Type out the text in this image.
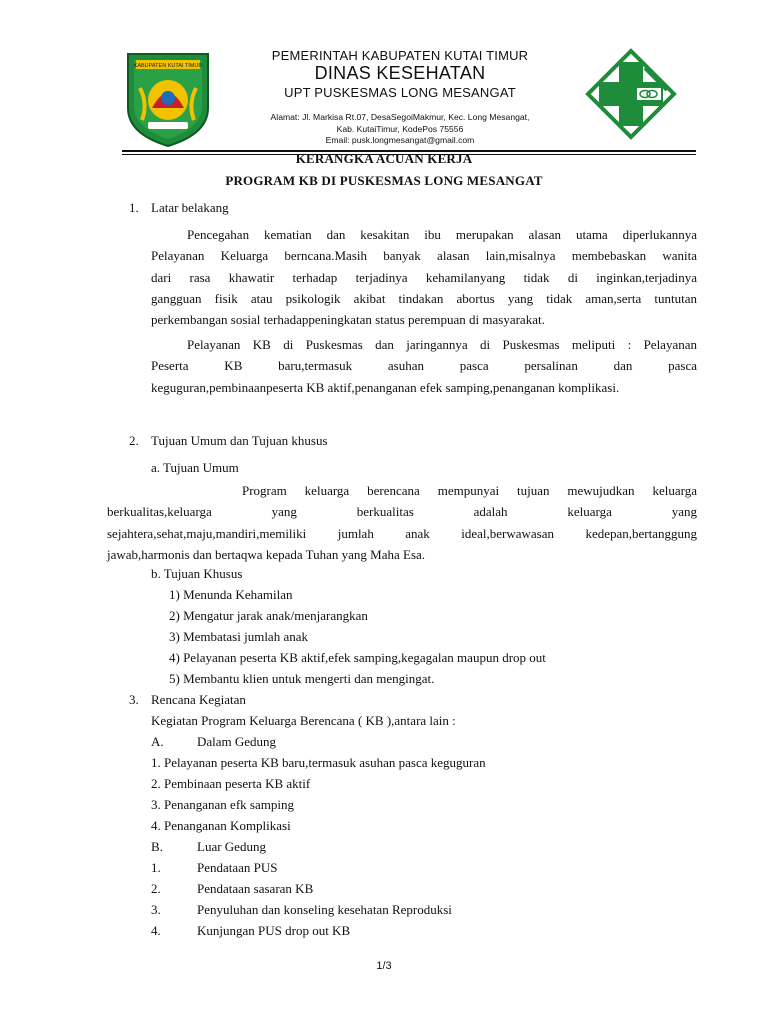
KABUPATEN KUTAI TIMUR
PEMERINTAH KABUPATEN KUTAI TIMUR
DINAS KESEHATAN
UPT PUSKESMAS LONG MESANGAT
Alamat: Jl. Markisa Rt.07, DesaSegoiMakmur, Kec. Long Mesangat,
Kab. KutaiTimur, KodePos 75556
Email: pusk.longmesangat@gmail.com
KERANGKA ACUAN KERJA
PROGRAM KB DI PUSKESMAS LONG MESANGAT
1. Latar belakang
Pencegahan kematian dan kesakitan ibu merupakan alasan utama diperlukannya
Pelayanan Keluarga berncana.Masih banyak alasan lain,misalnya membebaskan wanita
dari rasa khawatir terhadap terjadinya kehamilanyang tidak di inginkan,terjadinya
gangguan fisik atau psikologik akibat tindakan abortus yang tidak aman,serta tuntutan
perkembangan sosial terhadappeningkatan status perempuan di masyarakat.
Pelayanan KB di Puskesmas dan jaringannya di Puskesmas meliputi : Pelayanan
Peserta KB baru,termasuk asuhan pasca persalinan dan pasca
keguguran,pembinaanpeserta KB aktif,penanganan efek samping,penanganan komplikasi.
2. Tujuan Umum dan Tujuan khusus
a. Tujuan Umum
Program keluarga berencana mempunyai tujuan mewujudkan keluarga
berkualitas,keluarga yang berkualitas adalah keluarga yang
sejahtera,sehat,maju,mandiri,memiliki jumlah anak ideal,berwawasan kedepan,bertanggung
jawab,harmonis dan bertaqwa kepada Tuhan yang Maha Esa.
b. Tujuan Khusus
1) Menunda Kehamilan
2) Mengatur jarak anak/menjarangkan
3) Membatasi jumlah anak
4) Pelayanan peserta KB aktif,efek samping,kegagalan maupun drop out
5) Membantu klien untuk mengerti dan mengingat.
3. Rencana Kegiatan
Kegiatan Program Keluarga Berencana ( KB ),antara lain :
A.	Dalam Gedung
1. Pelayanan peserta KB baru,termasuk asuhan pasca keguguran
2. Pembinaan peserta KB aktif
3. Penanganan efk samping
4. Penanganan Komplikasi
B.	Luar Gedung
1.	Pendataan PUS
2.	Pendataan sasaran KB
3.	Penyuluhan dan konseling kesehatan Reproduksi
4.	Kunjungan PUS drop out KB
1/3
